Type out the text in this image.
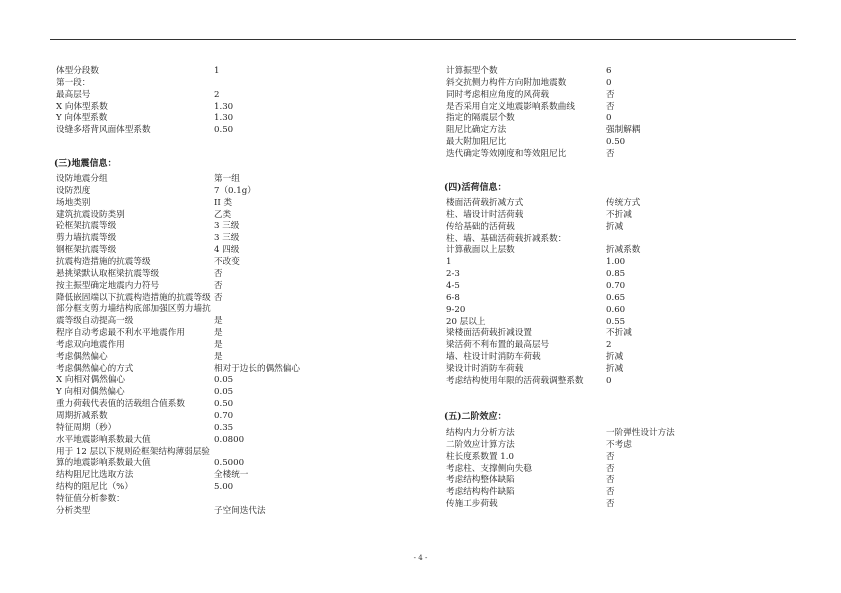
体型分段数	1
第一段：
最高层号	2
X 向体型系数	1.30
Y 向体型系数	1.30
设缝多塔背风面体型系数	0.50
(三)地震信息：
设防地震分组	第一组
设防烈度	7（0.1g）
场地类别	II 类
建筑抗震设防类别	乙类
砼框架抗震等级	3 三级
剪力墙抗震等级	3 三级
钢框架抗震等级	4 四级
抗震构造措施的抗震等级	不改变
悬挑梁默认取框梁抗震等级	否
按主振型确定地震内力符号	否
降低嵌固端以下抗震构造措施的抗震等级 否
部分框支剪力墙结构底部加强区剪力墙抗
震等级自动提高一级	是
程序自动考虑最不利水平地震作用	是
考虑双向地震作用	是
考虑偶然偏心	是
考虑偶然偏心的方式	相对于边长的偶然偏心
X 向相对偶然偏心	0.05
Y 向相对偶然偏心	0.05
重力荷载代表值的活载组合值系数	0.50
周期折减系数	0.70
特征周期（秒）	0.35
水平地震影响系数最大值	0.0800
用于 12 层以下规则砼框架结构薄弱层验
算的地震影响系数最大值	0.5000
结构阻尼比选取方法	全楼统一
结构的阻尼比（%）	5.00
特征值分析参数：
分析类型	子空间迭代法
计算振型个数	6
斜交抗侧力构件方向附加地震数	0
同时考虑相应角度的风荷载	否
是否采用自定义地震影响系数曲线	否
指定的隔震层个数	0
阻尼比确定方法	强制解耦
最大附加阻尼比	0.50
迭代确定等效刚度和等效阻尼比	否
(四)活荷信息：
楼面活荷载折减方式	传统方式
柱、墙设计时活荷载	不折减
传给基础的活荷载	折减
柱、墙、基础活荷载折减系数：
计算截面以上层数	折减系数
1	1.00
2-3	0.85
4-5	0.70
6-8	0.65
9-20	0.60
20 层以上	0.55
梁楼面活荷载折减设置	不折减
梁活荷不利布置的最高层号	2
墙、柱设计时消防车荷载	折减
梁设计时消防车荷载	折减
考虑结构使用年限的活荷载调整系数	0
(五)二阶效应：
结构内力分析方法	一阶弹性设计方法
二阶效应计算方法	不考虑
柱长度系数置 1.0	否
考虑柱、支撑侧向失稳	否
考虑结构整体缺陷	否
考虑结构构件缺陷	否
传施工步荷载	否
- 4 -
